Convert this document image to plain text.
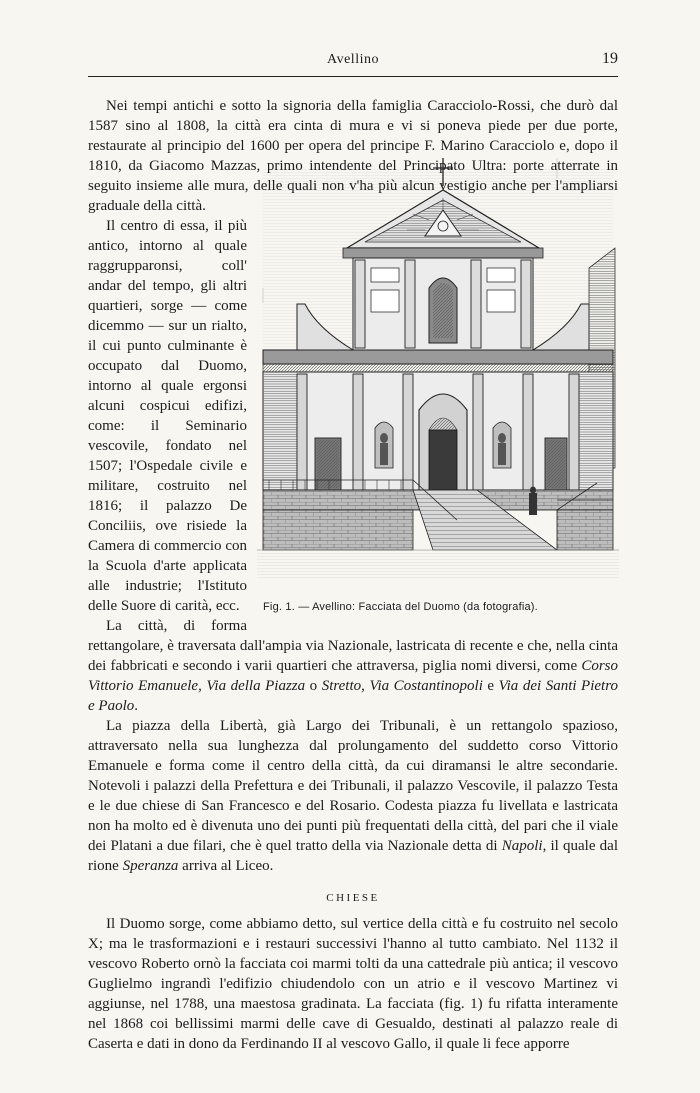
Avellino	19

Nei tempi antichi e sotto la signoria della famiglia Caracciolo-Rossi, che durò dal 1587 sino al 1808, la città era cinta di mura e vi si poneva piede per due porte, restaurate al principio del 1600 per opera del principe F. Marino Caracciolo e, dopo il 1810, da Giacomo Mazzas, primo intendente del Principato Ultra: porte atterrate in seguito insieme alle mura, delle quali non v'ha più alcun vestigio anche per l'ampliarsi graduale della città.

Fig. 1. — Avellino: Facciata del Duomo (da fotografia).

Il centro di essa, il più antico, intorno al quale raggrupparonsi, coll' andar del tempo, gli altri quartieri, sorge — come dicemmo — sur un rialto, il cui punto culminante è occupato dal Duomo, intorno al quale ergonsi alcuni cospicui edifizi, come: il Seminario vescovile, fondato nel 1507; l'Ospedale civile e militare, costruito nel 1816; il palazzo De Conciliis, ove risiede la Camera di commercio con la Scuola d'arte applicata alle industrie; l'Istituto delle Suore di carità, ecc.

La città, di forma rettangolare, è traversata dall'ampia via Nazionale, lastricata di recente e che, nella cinta dei fabbricati e secondo i varii quartieri che attraversa, piglia nomi diversi, come Corso Vittorio Emanuele, Via della Piazza o Stretto, Via Costantinopoli e Via dei Santi Pietro e Paolo.

La piazza della Libertà, già Largo dei Tribunali, è un rettangolo spazioso, attraversato nella sua lunghezza dal prolungamento del suddetto corso Vittorio Emanuele e forma come il centro della città, da cui diramansi le altre secondarie. Notevoli i palazzi della Prefettura e dei Tribunali, il palazzo Vescovile, il palazzo Testa e le due chiese di San Francesco e del Rosario. Codesta piazza fu livellata e lastricata non ha molto ed è divenuta uno dei punti più frequentati della città, del pari che il viale dei Platani a due filari, che è quel tratto della via Nazionale detta di Napoli, il quale dal rione Speranza arriva al Liceo.

CHIESE

Il Duomo sorge, come abbiamo detto, sul vertice della città e fu costruito nel secolo X; ma le trasformazioni e i restauri successivi l'hanno al tutto cambiato. Nel 1132 il vescovo Roberto ornò la facciata coi marmi tolti da una cattedrale più antica; il vescovo Guglielmo ingrandì l'edifizio chiudendolo con un atrio e il vescovo Martinez vi aggiunse, nel 1788, una maestosa gradinata. La facciata (fig. 1) fu rifatta interamente nel 1868 coi bellissimi marmi delle cave di Gesualdo, destinati al palazzo reale di Caserta e dati in dono da Ferdinando II al vescovo Gallo, il quale li fece apporre
